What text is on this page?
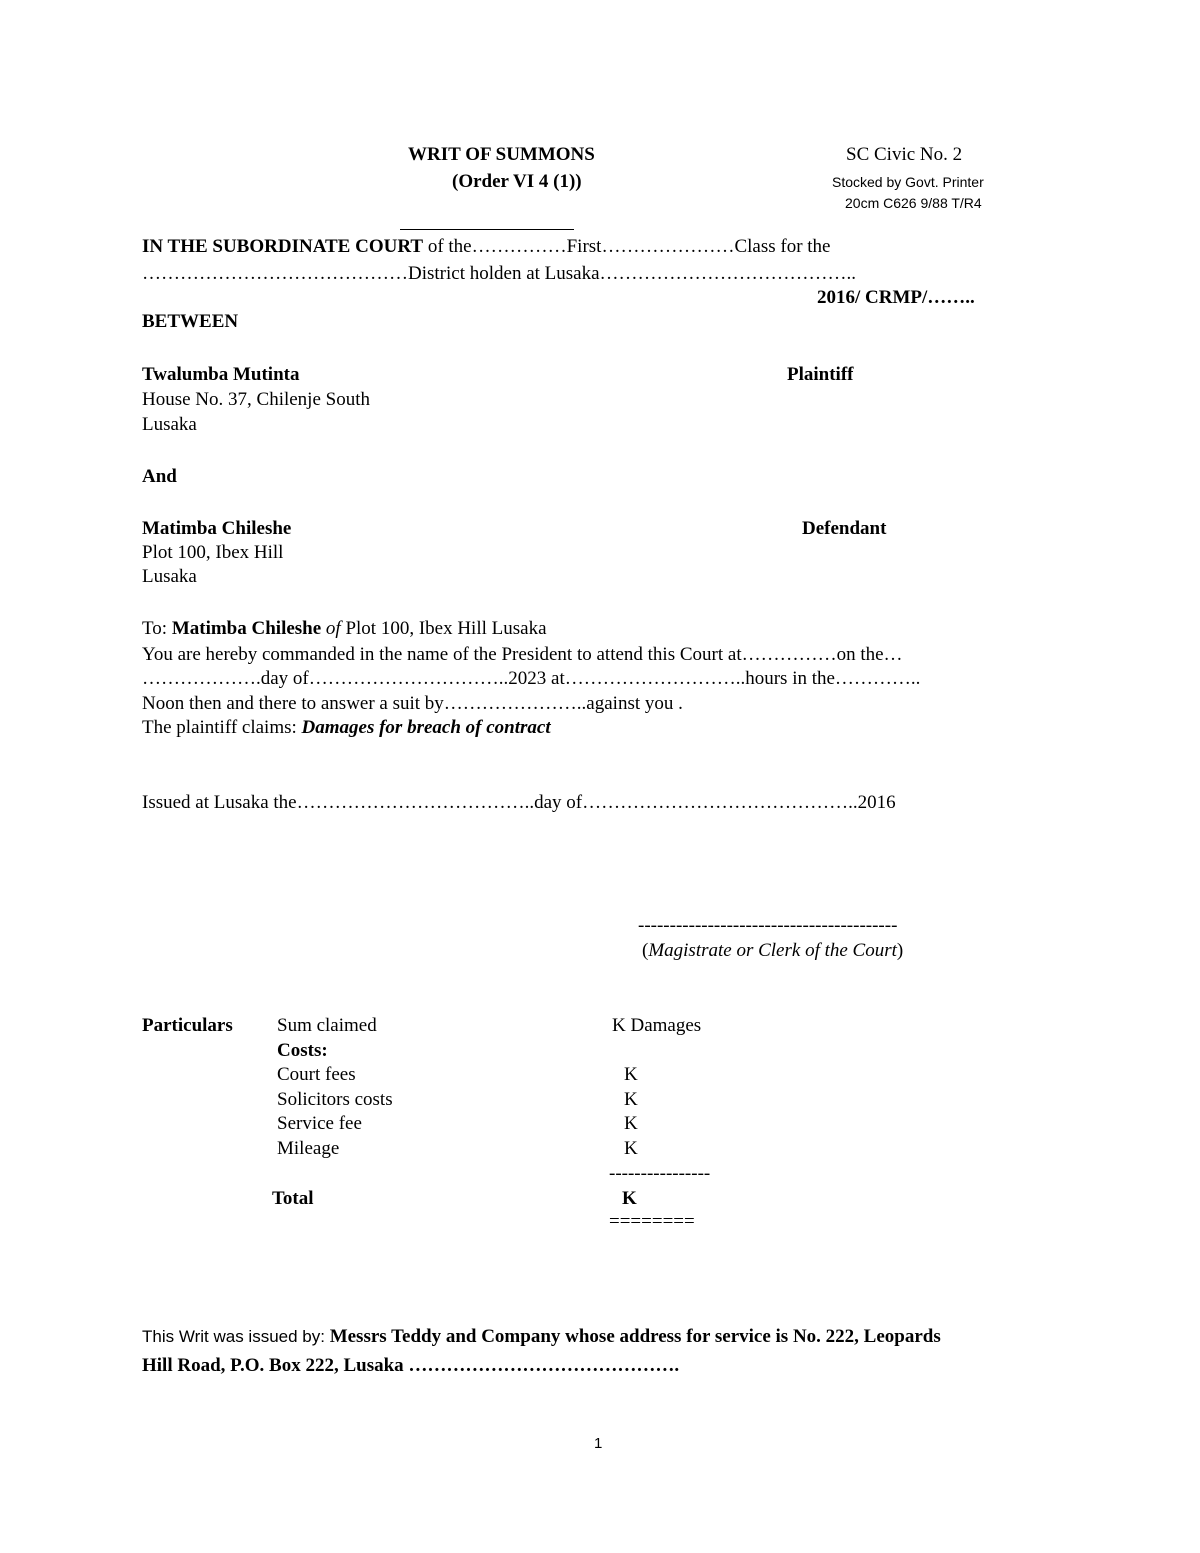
WRIT OF SUMMONS
(Order VI 4 (1))
SC Civic No. 2
Stocked by Govt. Printer
20cm C626 9/88 T/R4
IN THE SUBORDINATE COURT of the……………First…………………Class for the
……………………………………District holden at Lusaka…………………………………..
2016/ CRMP/……..
BETWEEN
Twalumba Mutinta	Plaintiff
House No. 37, Chilenje South
Lusaka
And
Matimba Chileshe	Defendant
Plot 100, Ibex Hill
Lusaka
To: Matimba Chileshe of Plot 100, Ibex Hill Lusaka
You are hereby commanded in the name of the President to attend this Court at……………on the…
……………….day of…………………………..2023 at………………………..hours in the…………..
Noon then and there to answer a suit by…………………..against you .
The plaintiff claims: Damages for breach of contract
Issued at Lusaka the………………………………..day of……………………………………..2016
-----------------------------------------
(Magistrate or Clerk of the Court)
Particulars Sum claimed	K Damages
Costs:
Court fees	K
Solicitors costs	K
Service fee	K
Mileage	K
----------------
Total	K
========
This Writ was issued by: Messrs Teddy and Company whose address for service is No. 222, Leopards
Hill Road, P.O. Box 222, Lusaka …………………………………….
1
